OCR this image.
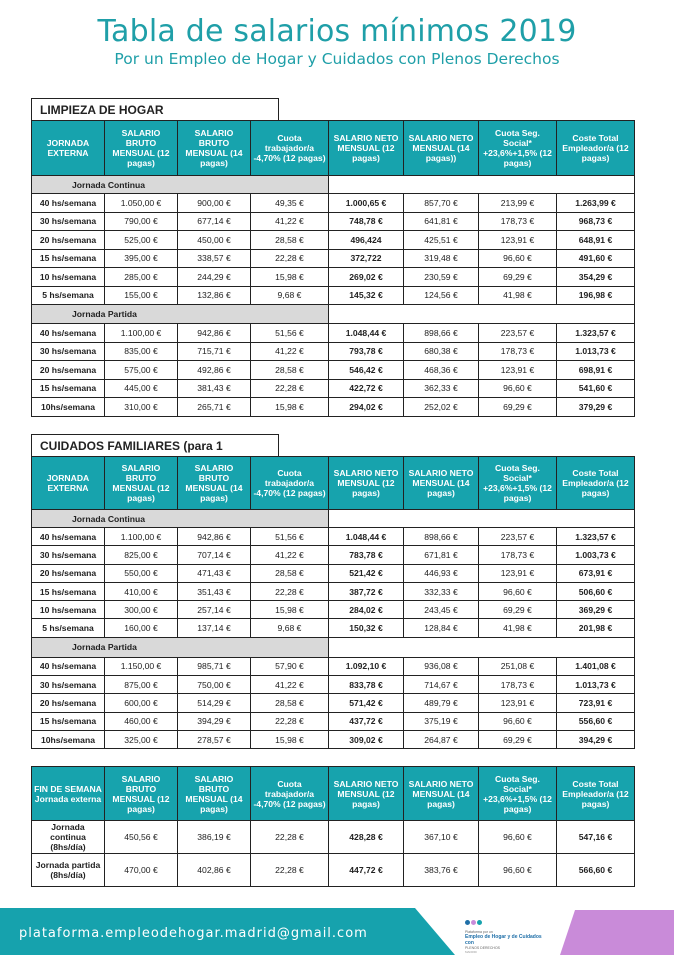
Tabla de salarios mínimos 2019
Por un Empleo de Hogar y Cuidados con Plenos Derechos
LIMPIEZA DE HOGAR
JORNADA EXTERNA	SALARIO BRUTO MENSUAL (12 pagas)	SALARIO BRUTO MENSUAL (14 pagas)	Cuota trabajador/a -4,70% (12 pagas)	SALARIO NETO MENSUAL (12 pagas)	SALARIO NETO MENSUAL (14 pagas))	Cuota Seg. Social* +23,6%+1,5% (12 pagas)	Coste Total Empleador/a (12 pagas)
Jornada Continua							
40 hs/semana	1.050,00 €	900,00 €	49,35 €	1.000,65 €	857,70 €	213,99 €	1.263,99 €
30 hs/semana	790,00 €	677,14 €	41,22 €	748,78 €	641,81 €	178,73 €	968,73 €
20 hs/semana	525,00 €	450,00 €	28,58 €	496,424	425,51 €	123,91 €	648,91 €
15 hs/semana	395,00 €	338,57 €	22,28 €	372,722	319,48 €	96,60 €	491,60 €
10 hs/semana	285,00 €	244,29 €	15,98 €	269,02 €	230,59 €	69,29 €	354,29 €
5 hs/semana	155,00 €	132,86 €	9,68 €	145,32 €	124,56 €	41,98 €	196,98 €
Jornada Partida							
40 hs/semana	1.100,00 €	942,86 €	51,56 €	1.048,44 €	898,66 €	223,57 €	1.323,57 €
30 hs/semana	835,00 €	715,71 €	41,22 €	793,78 €	680,38 €	178,73 €	1.013,73 €
20 hs/semana	575,00 €	492,86 €	28,58 €	546,42 €	468,36 €	123,91 €	698,91 €
15 hs/semana	445,00 €	381,43 €	22,28 €	422,72 €	362,33 €	96,60 €	541,60 €
10hs/semana	310,00 €	265,71 €	15,98 €	294,02 €	252,02 €	69,29 €	379,29 €
CUIDADOS FAMILIARES (para 1
JORNADA EXTERNA	SALARIO BRUTO MENSUAL (12 pagas)	SALARIO BRUTO MENSUAL (14 pagas)	Cuota trabajador/a -4,70% (12 pagas)	SALARIO NETO MENSUAL (12 pagas)	SALARIO NETO MENSUAL (14 pagas)	Cuota Seg. Social* +23,6%+1,5% (12 pagas)	Coste Total Empleador/a (12 pagas)
Jornada Continua							
40 hs/semana	1.100,00 €	942,86 €	51,56 €	1.048,44 €	898,66 €	223,57 €	1.323,57 €
30 hs/semana	825,00 €	707,14 €	41,22 €	783,78 €	671,81 €	178,73 €	1.003,73 €
20 hs/semana	550,00 €	471,43 €	28,58 €	521,42 €	446,93 €	123,91 €	673,91 €
15 hs/semana	410,00 €	351,43 €	22,28 €	387,72 €	332,33 €	96,60 €	506,60 €
10 hs/semana	300,00 €	257,14 €	15,98 €	284,02 €	243,45 €	69,29 €	369,29 €
5 hs/semana	160,00 €	137,14 €	9,68 €	150,32 €	128,84 €	41,98 €	201,98 €
Jornada Partida							
40 hs/semana	1.150,00 €	985,71 €	57,90 €	1.092,10 €	936,08 €	251,08 €	1.401,08 €
30 hs/semana	875,00 €	750,00 €	41,22 €	833,78 €	714,67 €	178,73 €	1.013,73 €
20 hs/semana	600,00 €	514,29 €	28,58 €	571,42 €	489,79 €	123,91 €	723,91 €
15 hs/semana	460,00 €	394,29 €	22,28 €	437,72 €	375,19 €	96,60 €	556,60 €
10hs/semana	325,00 €	278,57 €	15,98 €	309,02 €	264,87 €	69,29 €	394,29 €
FIN DE SEMANA Jornada externa	SALARIO BRUTO MENSUAL (12 pagas)	SALARIO BRUTO MENSUAL (14 pagas)	Cuota trabajador/a -4,70% (12 pagas)	SALARIO NETO MENSUAL (12 pagas)	SALARIO NETO MENSUAL (14 pagas)	Cuota Seg. Social* +23,6%+1,5% (12 pagas)	Coste Total Empleador/a (12 pagas)
Jornada continua (8hs/día)	450,56 €	386,19 €	22,28 €	428,28 €	367,10 €	96,60 €	547,16 €
Jornada partida (8hs/día)	470,00 €	402,86 €	22,28 €	447,72 €	383,76 €	96,60 €	566,60 €
plataforma.empleodehogar.madrid@gmail.com	Plataforma por un
Empleo de Hogar y de Cuidados con
PLENOS DERECHOS
MADRID
